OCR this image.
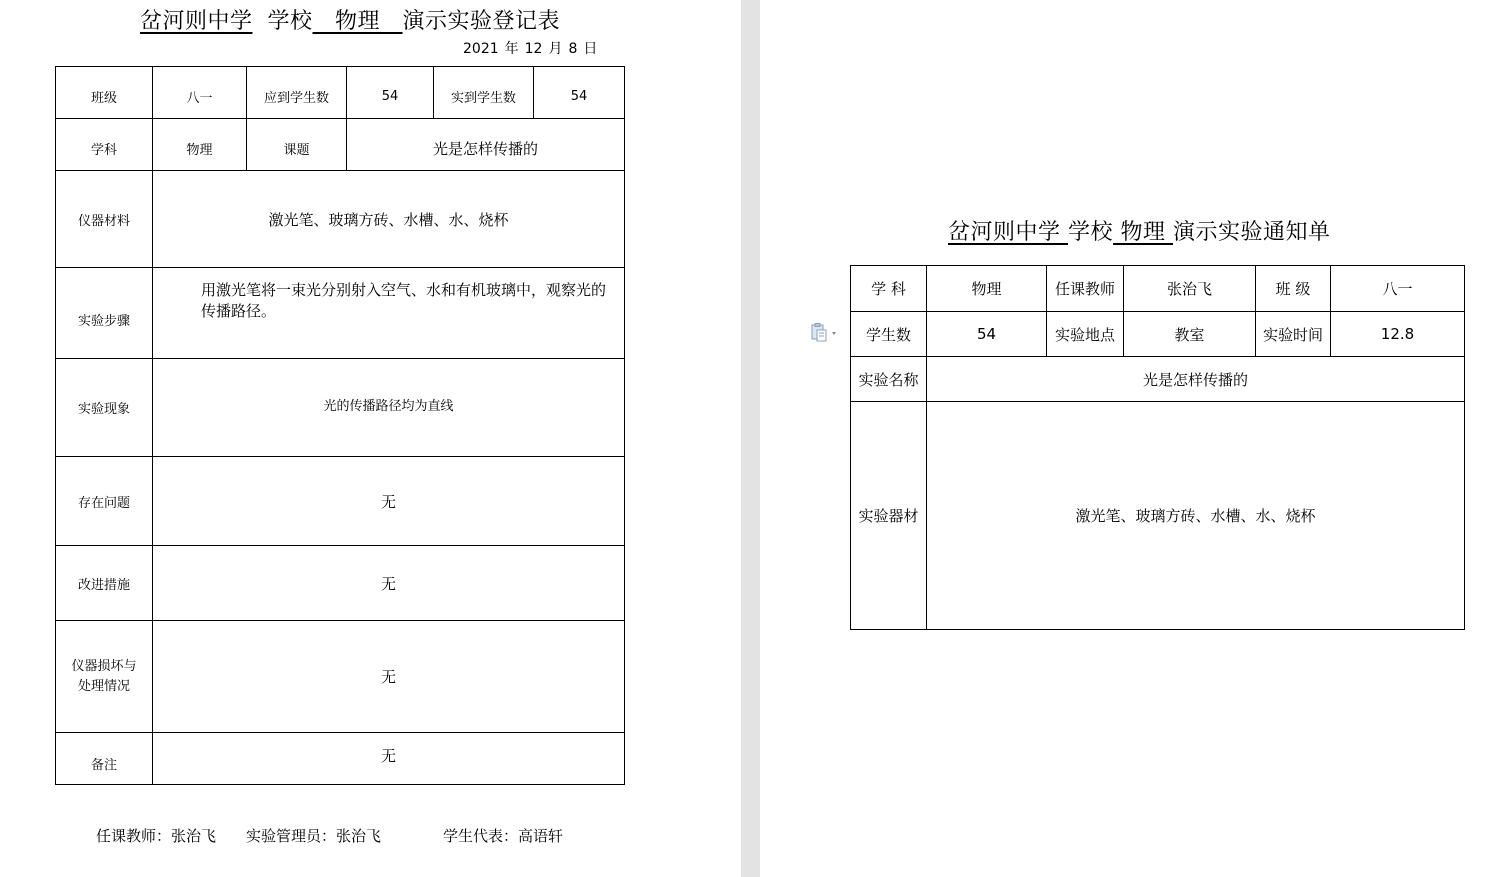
岔河则中学 学校 物理 演示实验登记表
2021 年 12 月 8 日
班级	八一	应到学生数	54	实到学生数	54
学科	物理	课题	光是怎样传播的		
仪器材料	激光笔、玻璃方砖、水槽、水、烧杯				
实验步骤	用激光笔将一束光分别射入空气、水和有机玻璃中，观察光的传播路径。				
实验现象	光的传播路径均为直线				
存在问题	无				
改进措施	无				

仪器损坏与
处理情况	无				
备注	无				
任课教师：张治飞 实验管理员：张治飞	学生代表：高语轩
岔河则中学 学校 物理 演示实验通知单
学 科	物理	任课教师	张治飞	班 级	八一
学生数	54	实验地点	教室	实验时间	12.8
实验名称	光是怎样传播的				
实验器材	激光笔、玻璃方砖、水槽、水、烧杯				
